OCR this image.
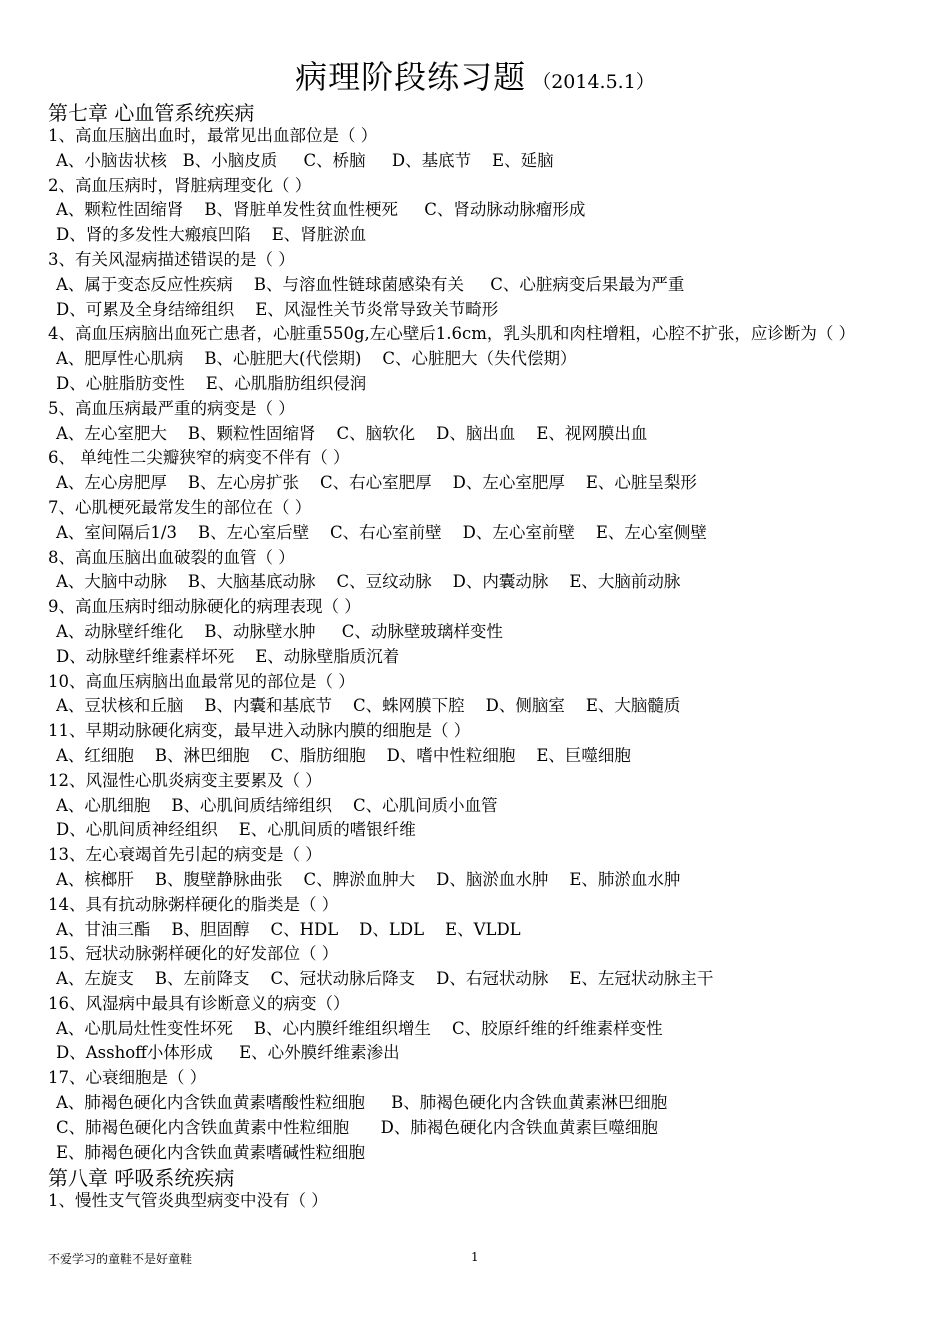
病理阶段练习题 （2014.5.1）
第七章 心血管系统疾病
1、高血压脑出血时，最常见出血部位是（ ）
A、小脑齿状核   B、小脑皮质     C、桥脑     D、基底节    E、延脑
2、高血压病时，肾脏病理变化（ ）
A、颗粒性固缩肾    B、肾脏单发性贫血性梗死     C、肾动脉动脉瘤形成
D、肾的多发性大瘢痕凹陷    E、肾脏淤血
3、有关风湿病描述错误的是（ ）
A、属于变态反应性疾病    B、与溶血性链球菌感染有关     C、心脏病变后果最为严重
D、可累及全身结缔组织    E、风湿性关节炎常导致关节畸形
4、高血压病脑出血死亡患者，心脏重550g,左心壁后1.6cm，乳头肌和肉柱增粗，心腔不扩张，应诊断为（ ）
A、肥厚性心肌病    B、心脏肥大(代偿期)    C、心脏肥大（失代偿期）
D、心脏脂肪变性    E、心肌脂肪组织侵润
5、高血压病最严重的病变是（ ）
A、左心室肥大    B、颗粒性固缩肾    C、脑软化    D、脑出血    E、视网膜出血
6、 单纯性二尖瓣狭窄的病变不伴有（ ）
A、左心房肥厚    B、左心房扩张    C、右心室肥厚    D、左心室肥厚    E、心脏呈梨形
7、心肌梗死最常发生的部位在（ ）
A、室间隔后1/3    B、左心室后壁    C、右心室前壁    D、左心室前壁    E、左心室侧壁
8、高血压脑出血破裂的血管（ ）
A、大脑中动脉    B、大脑基底动脉    C、豆纹动脉    D、内囊动脉    E、大脑前动脉
9、高血压病时细动脉硬化的病理表现（ ）
A、动脉壁纤维化    B、动脉壁水肿     C、动脉壁玻璃样变性
D、动脉壁纤维素样坏死    E、动脉壁脂质沉着
10、高血压病脑出血最常见的部位是（ ）
A、豆状核和丘脑    B、内囊和基底节    C、蛛网膜下腔    D、侧脑室    E、大脑髓质
11、早期动脉硬化病变，最早进入动脉内膜的细胞是（ ）
A、红细胞    B、淋巴细胞    C、脂肪细胞    D、嗜中性粒细胞    E、巨噬细胞
12、风湿性心肌炎病变主要累及（ ）
A、心肌细胞    B、心肌间质结缔组织    C、心肌间质小血管
D、心肌间质神经组织    E、心肌间质的嗜银纤维
13、左心衰竭首先引起的病变是（ ）
A、槟榔肝    B、腹壁静脉曲张    C、脾淤血肿大    D、脑淤血水肿    E、肺淤血水肿
14、具有抗动脉粥样硬化的脂类是（ ）
A、甘油三酯    B、胆固醇    C、HDL    D、LDL    E、VLDL
15、冠状动脉粥样硬化的好发部位（ ）
A、左旋支    B、左前降支    C、冠状动脉后降支    D、右冠状动脉    E、左冠状动脉主干
16、风湿病中最具有诊断意义的病变（）
A、心肌局灶性变性坏死    B、心内膜纤维组织增生    C、胶原纤维的纤维素样变性
D、Asshoff小体形成     E、心外膜纤维素渗出
17、心衰细胞是（ ）
A、肺褐色硬化内含铁血黄素嗜酸性粒细胞     B、肺褐色硬化内含铁血黄素淋巴细胞
C、肺褐色硬化内含铁血黄素中性粒细胞      D、肺褐色硬化内含铁血黄素巨噬细胞
E、肺褐色硬化内含铁血黄素嗜碱性粒细胞
第八章 呼吸系统疾病
1、慢性支气管炎典型病变中没有（ ）
不爱学习的童鞋不是好童鞋	1
